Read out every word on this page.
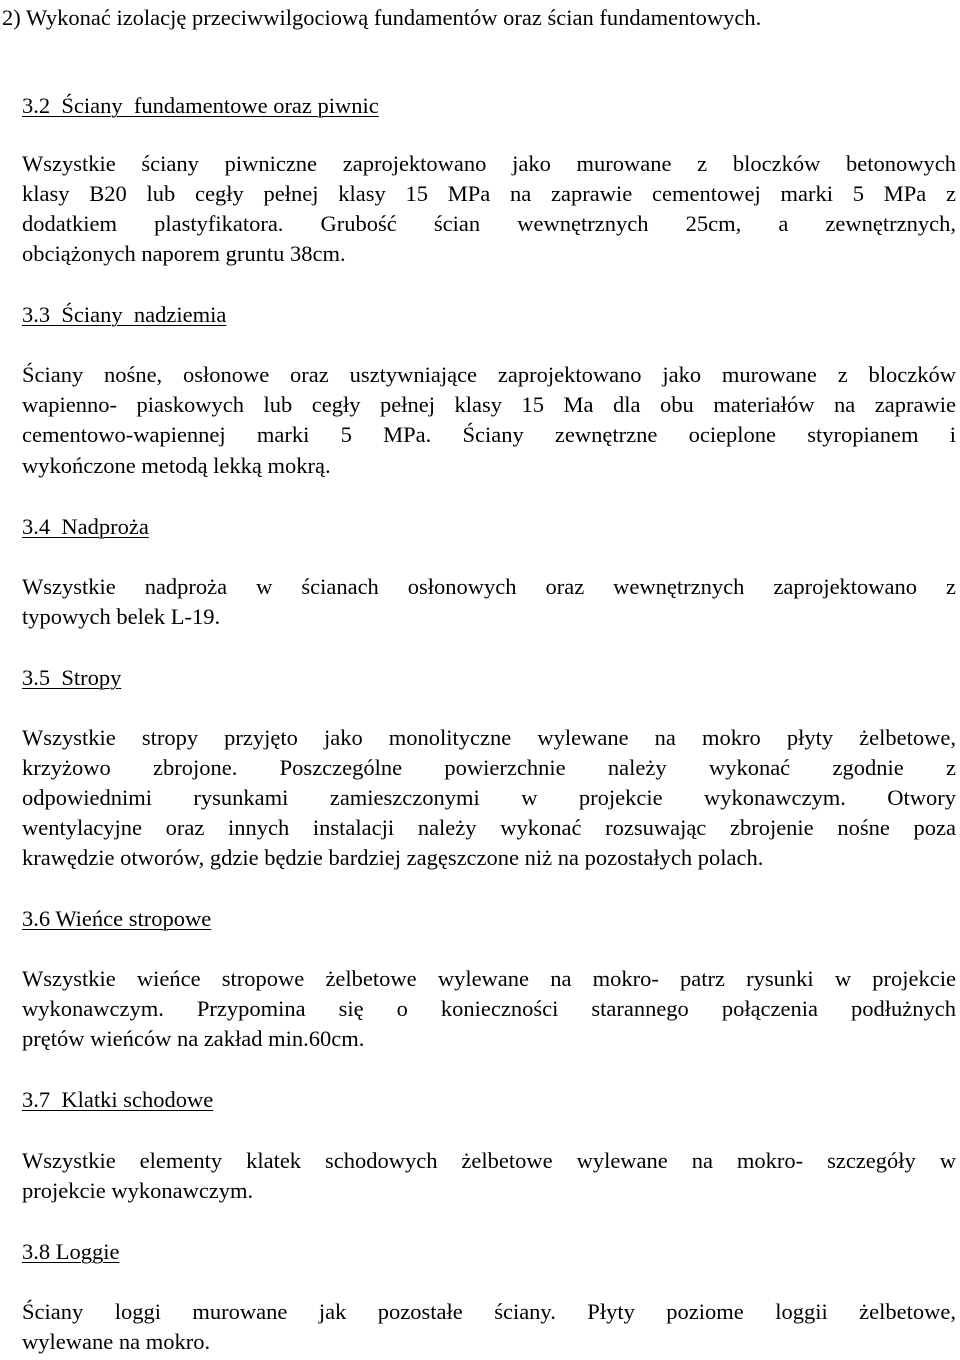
2) Wykonać izolację przeciwwilgociową fundamentów oraz ścian fundamentowych.
3.2  Ściany  fundamentowe oraz piwnic
Wszystkie ściany piwniczne zaprojektowano jako murowane z bloczków betonowych
klasy B20 lub cegły pełnej klasy 15 MPa na zaprawie cementowej marki 5 MPa z
dodatkiem plastyfikatora. Grubość ścian wewnętrznych 25cm, a zewnętrznych,
obciążonych naporem gruntu 38cm.
3.3  Ściany  nadziemia
Ściany nośne, osłonowe oraz usztywniające zaprojektowano jako murowane z bloczków
wapienno- piaskowych lub cegły pełnej klasy 15 Ma dla obu materiałów na zaprawie
cementowo-wapiennej marki 5 MPa. Ściany zewnętrzne ocieplone styropianem i
wykończone metodą lekką mokrą.
3.4  Nadproża
Wszystkie nadproża w ścianach osłonowych oraz wewnętrznych zaprojektowano z
typowych belek L-19.
3.5  Stropy
Wszystkie stropy przyjęto jako monolityczne wylewane na mokro płyty żelbetowe,
krzyżowo zbrojone. Poszczególne powierzchnie należy wykonać zgodnie z
odpowiednimi rysunkami zamieszczonymi w projekcie wykonawczym. Otwory
wentylacyjne oraz innych instalacji należy wykonać rozsuwając zbrojenie nośne poza
krawędzie otworów, gdzie będzie bardziej zagęszczone niż na pozostałych polach.
3.6 Wieńce stropowe
Wszystkie wieńce stropowe żelbetowe wylewane na mokro- patrz rysunki w projekcie
wykonawczym. Przypomina się o konieczności starannego połączenia podłużnych
prętów wieńców na zakład min.60cm.
3.7  Klatki schodowe
Wszystkie elementy klatek schodowych żelbetowe wylewane na mokro- szczegóły w
projekcie wykonawczym.
3.8 Loggie
Ściany loggi murowane jak pozostałe ściany. Płyty poziome loggii żelbetowe,
wylewane na mokro.
